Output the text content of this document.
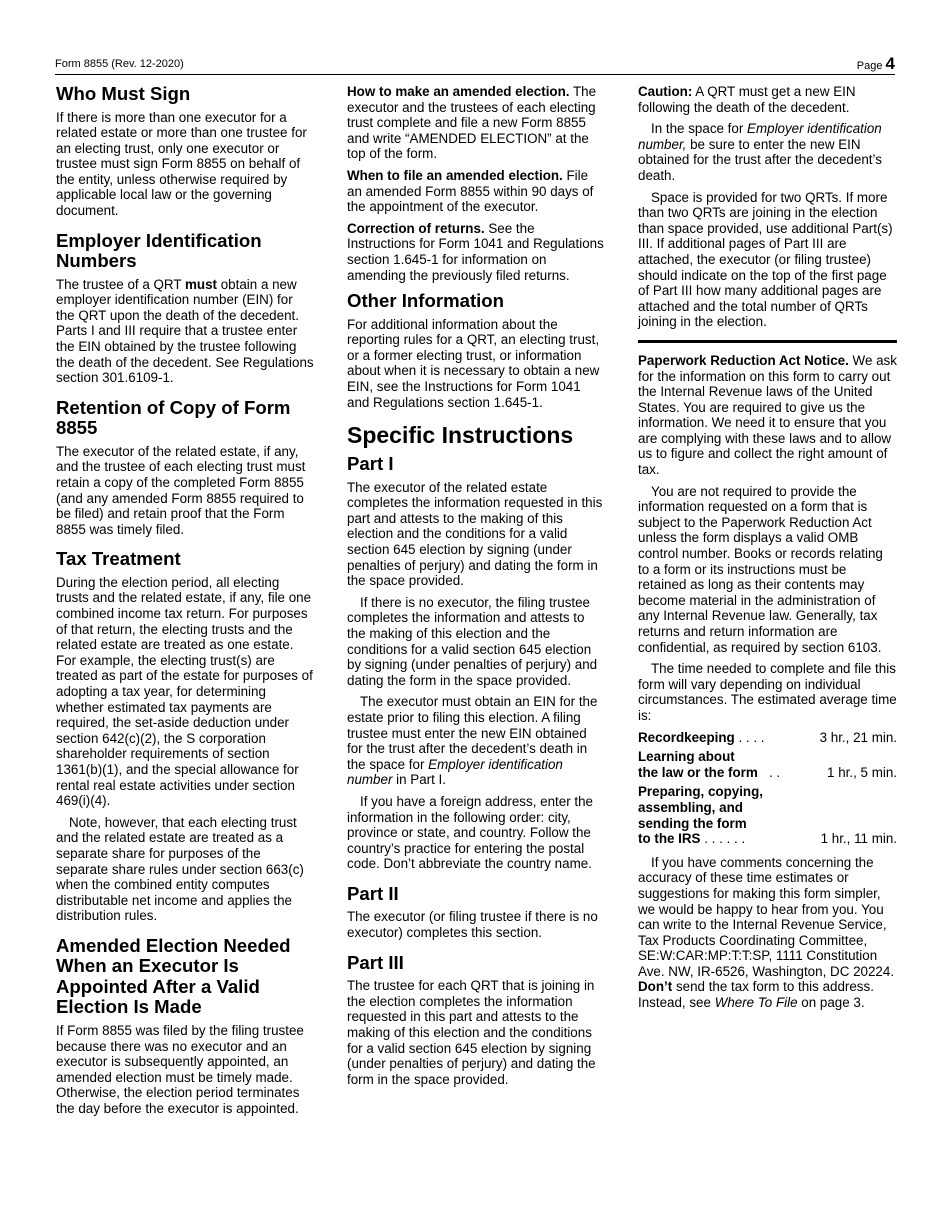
Form 8855 (Rev. 12-2020)	Page 4
Who Must Sign

If there is more than one executor for a related estate or more than one trustee for an electing trust, only one executor or trustee must sign Form 8855 on behalf of the entity, unless otherwise required by applicable local law or the governing document.

Employer Identification Numbers

The trustee of a QRT must obtain a new employer identification number (EIN) for the QRT upon the death of the decedent. Parts I and III require that a trustee enter the EIN obtained by the trustee following the death of the decedent. See Regulations section 301.6109-1.

Retention of Copy of Form 8855

The executor of the related estate, if any, and the trustee of each electing trust must retain a copy of the completed Form 8855 (and any amended Form 8855 required to be filed) and retain proof that the Form 8855 was timely filed.

Tax Treatment

During the election period, all electing trusts and the related estate, if any, file one combined income tax return. For purposes of that return, the electing trusts and the related estate are treated as one estate. For example, the electing trust(s) are treated as part of the estate for purposes of adopting a tax year, for determining whether estimated tax payments are required, the set-aside deduction under section 642(c)(2), the S corporation shareholder requirements of section 1361(b)(1), and the special allowance for rental real estate activities under section 469(i)(4).

Note, however, that each electing trust and the related estate are treated as a separate share for purposes of the separate share rules under section 663(c) when the combined entity computes distributable net income and applies the distribution rules.

Amended Election Needed When an Executor Is Appointed After a Valid Election Is Made

If Form 8855 was filed by the filing trustee because there was no executor and an executor is subsequently appointed, an amended election must be timely made. Otherwise, the election period terminates the day before the executor is appointed.

How to make an amended election. The executor and the trustees of each electing trust complete and file a new Form 8855 and write “AMENDED ELECTION” at the top of the form.

When to file an amended election. File an amended Form 8855 within 90 days of the appointment of the executor.

Correction of returns. See the Instructions for Form 1041 and Regulations section 1.645-1 for information on amending the previously filed returns.

Other Information

For additional information about the reporting rules for a QRT, an electing trust, or a former electing trust, or information about when it is necessary to obtain a new EIN, see the Instructions for Form 1041 and Regulations section 1.645-1.

Specific Instructions
Part I

The executor of the related estate completes the information requested in this part and attests to the making of this election and the conditions for a valid section 645 election by signing (under penalties of perjury) and dating the form in the space provided.

If there is no executor, the filing trustee completes the information and attests to the making of this election and the conditions for a valid section 645 election by signing (under penalties of perjury) and dating the form in the space provided.

The executor must obtain an EIN for the estate prior to filing this election. A filing trustee must enter the new EIN obtained for the trust after the decedent’s death in the space for Employer identification number in Part I.

If you have a foreign address, enter the information in the following order: city, province or state, and country. Follow the country’s practice for entering the postal code. Don’t abbreviate the country name.

Part II

The executor (or filing trustee if there is no executor) completes this section.

Part III

The trustee for each QRT that is joining in the election completes the information requested in this part and attests to the making of this election and the conditions for a valid section 645 election by signing (under penalties of perjury) and dating the form in the space provided.

Caution: A QRT must get a new EIN following the death of the decedent.

In the space for Employer identification number, be sure to enter the new EIN obtained for the trust after the decedent’s death.

Space is provided for two QRTs. If more than two QRTs are joining in the election than space provided, use additional Part(s) III. If additional pages of Part III are attached, the executor (or filing trustee) should indicate on the top of the first page of Part III how many additional pages are attached and the total number of QRTs joining in the election.

Paperwork Reduction Act Notice. We ask for the information on this form to carry out the Internal Revenue laws of the United States. You are required to give us the information. We need it to ensure that you are complying with these laws and to allow us to figure and collect the right amount of tax.

You are not required to provide the information requested on a form that is subject to the Paperwork Reduction Act unless the form displays a valid OMB control number. Books or records relating to a form or its instructions must be retained as long as their contents may become material in the administration of any Internal Revenue law. Generally, tax returns and return information are confidential, as required by section 6103.

The time needed to complete and file this form will vary depending on individual circumstances. The estimated average time is:

Recordkeeping . . . .	3 hr., 21 min.
Learning about	
the law or the form . .	1 hr., 5 min.
Preparing, copying,	
assembling, and	
sending the form	
to the IRS . . . . . .	1 hr., 11 min.

If you have comments concerning the accuracy of these time estimates or suggestions for making this form simpler, we would be happy to hear from you. You can write to the Internal Revenue Service, Tax Products Coordinating Committee, SE:W:CAR:MP:T:T:SP, 1111 Constitution Ave. NW, IR-6526, Washington, DC 20224. Don’t send the tax form to this address. Instead, see Where To File on page 3.
